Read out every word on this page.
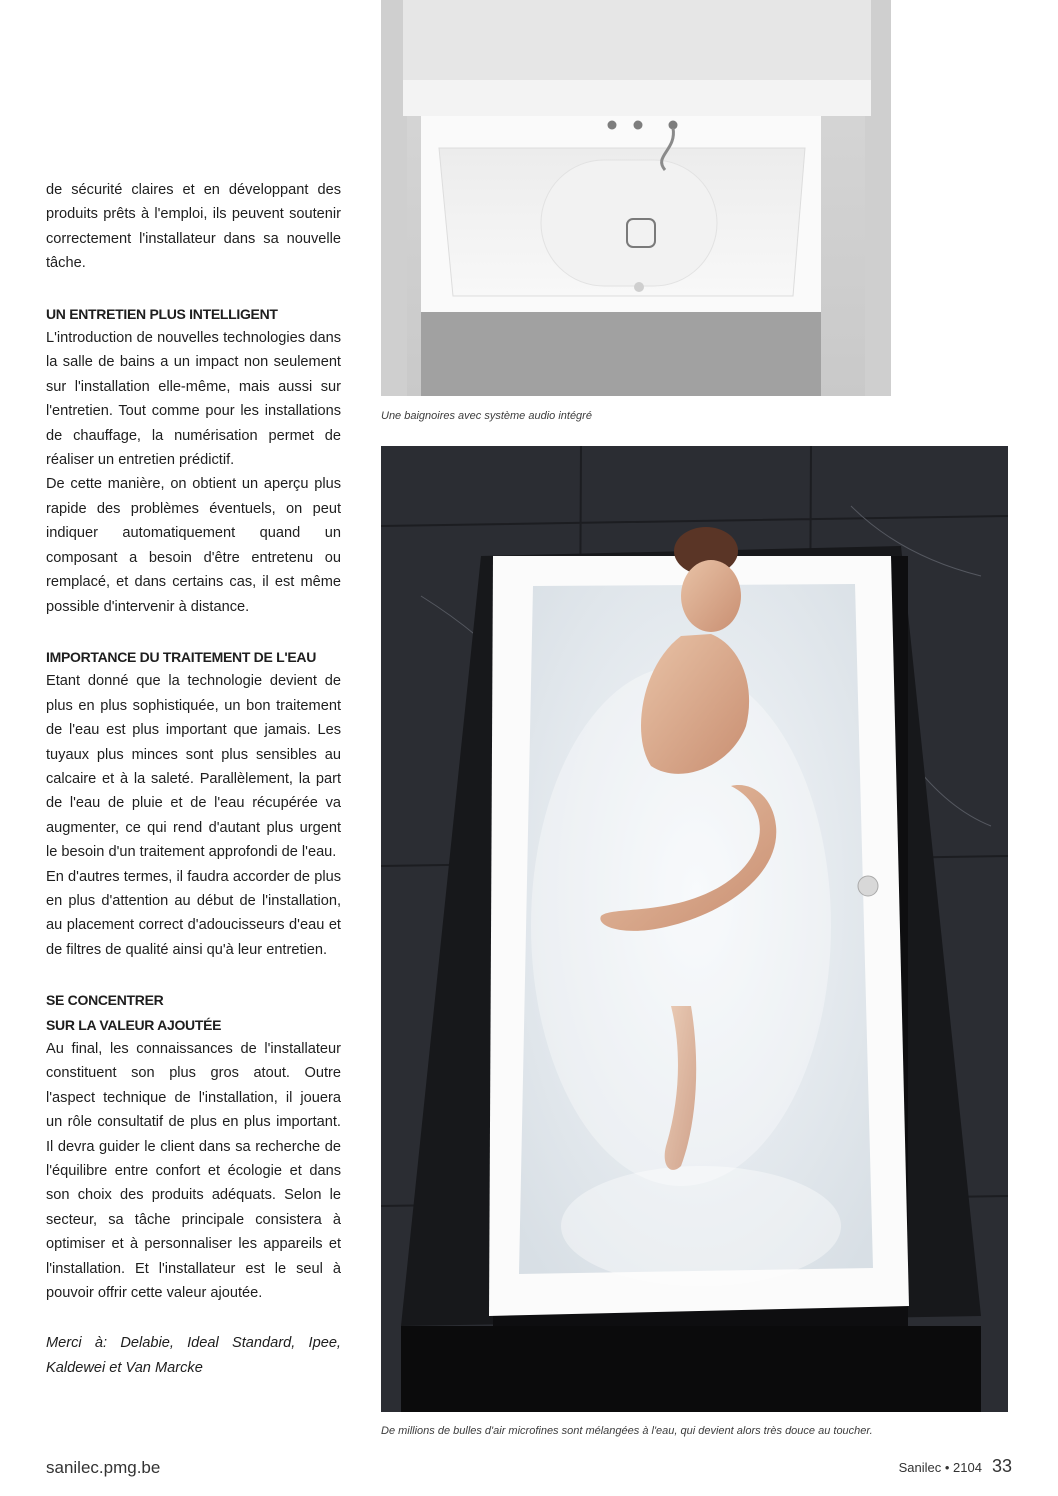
de sécurité claires et en développant des produits prêts à l'emploi, ils peuvent soutenir correctement l'installateur dans sa nouvelle tâche.

UN ENTRETIEN PLUS INTELLIGENT

L'introduction de nouvelles technologies dans la salle de bains a un impact non seulement sur l'installation elle-même, mais aussi sur l'entretien. Tout comme pour les installations de chauffage, la numérisation permet de réaliser un entretien prédictif.

De cette manière, on obtient un aperçu plus rapide des problèmes éventuels, on peut indiquer automatiquement quand un composant a besoin d'être entretenu ou remplacé, et dans certains cas, il est même possible d'intervenir à distance.

IMPORTANCE DU TRAITEMENT DE L'EAU

Etant donné que la technologie devient de plus en plus sophistiquée, un bon traitement de l'eau est plus important que jamais. Les tuyaux plus minces sont plus sensibles au calcaire et à la saleté. Parallèlement, la part de l'eau de pluie et de l'eau récupérée va augmenter, ce qui rend d'autant plus urgent le besoin d'un traitement approfondi de l'eau.

En d'autres termes, il faudra accorder de plus en plus d'attention au début de l'installation, au placement correct d'adoucisseurs d'eau et de filtres de qualité ainsi qu'à leur entretien.

SE CONCENTRER
SUR LA VALEUR AJOUTÉE

Au final, les connaissances de l'installateur constituent son plus gros atout. Outre l'aspect technique de l'installation, il jouera un rôle consultatif de plus en plus important. Il devra guider le client dans sa recherche de l'équilibre entre confort et écologie et dans son choix des produits adéquats. Selon le secteur, sa tâche principale consistera à optimiser et à personnaliser les appareils et l'installation. Et l'installateur est le seul à pouvoir offrir cette valeur ajoutée.

Merci à: Delabie, Ideal Standard, Ipee, Kaldewei et Van Marcke

Une baignoires avec système audio intégré
De millions de bulles d'air microfines sont mélangées à l'eau, qui devient alors très douce au toucher.
sanilec.pmg.be	Sanilec • 2104 33
